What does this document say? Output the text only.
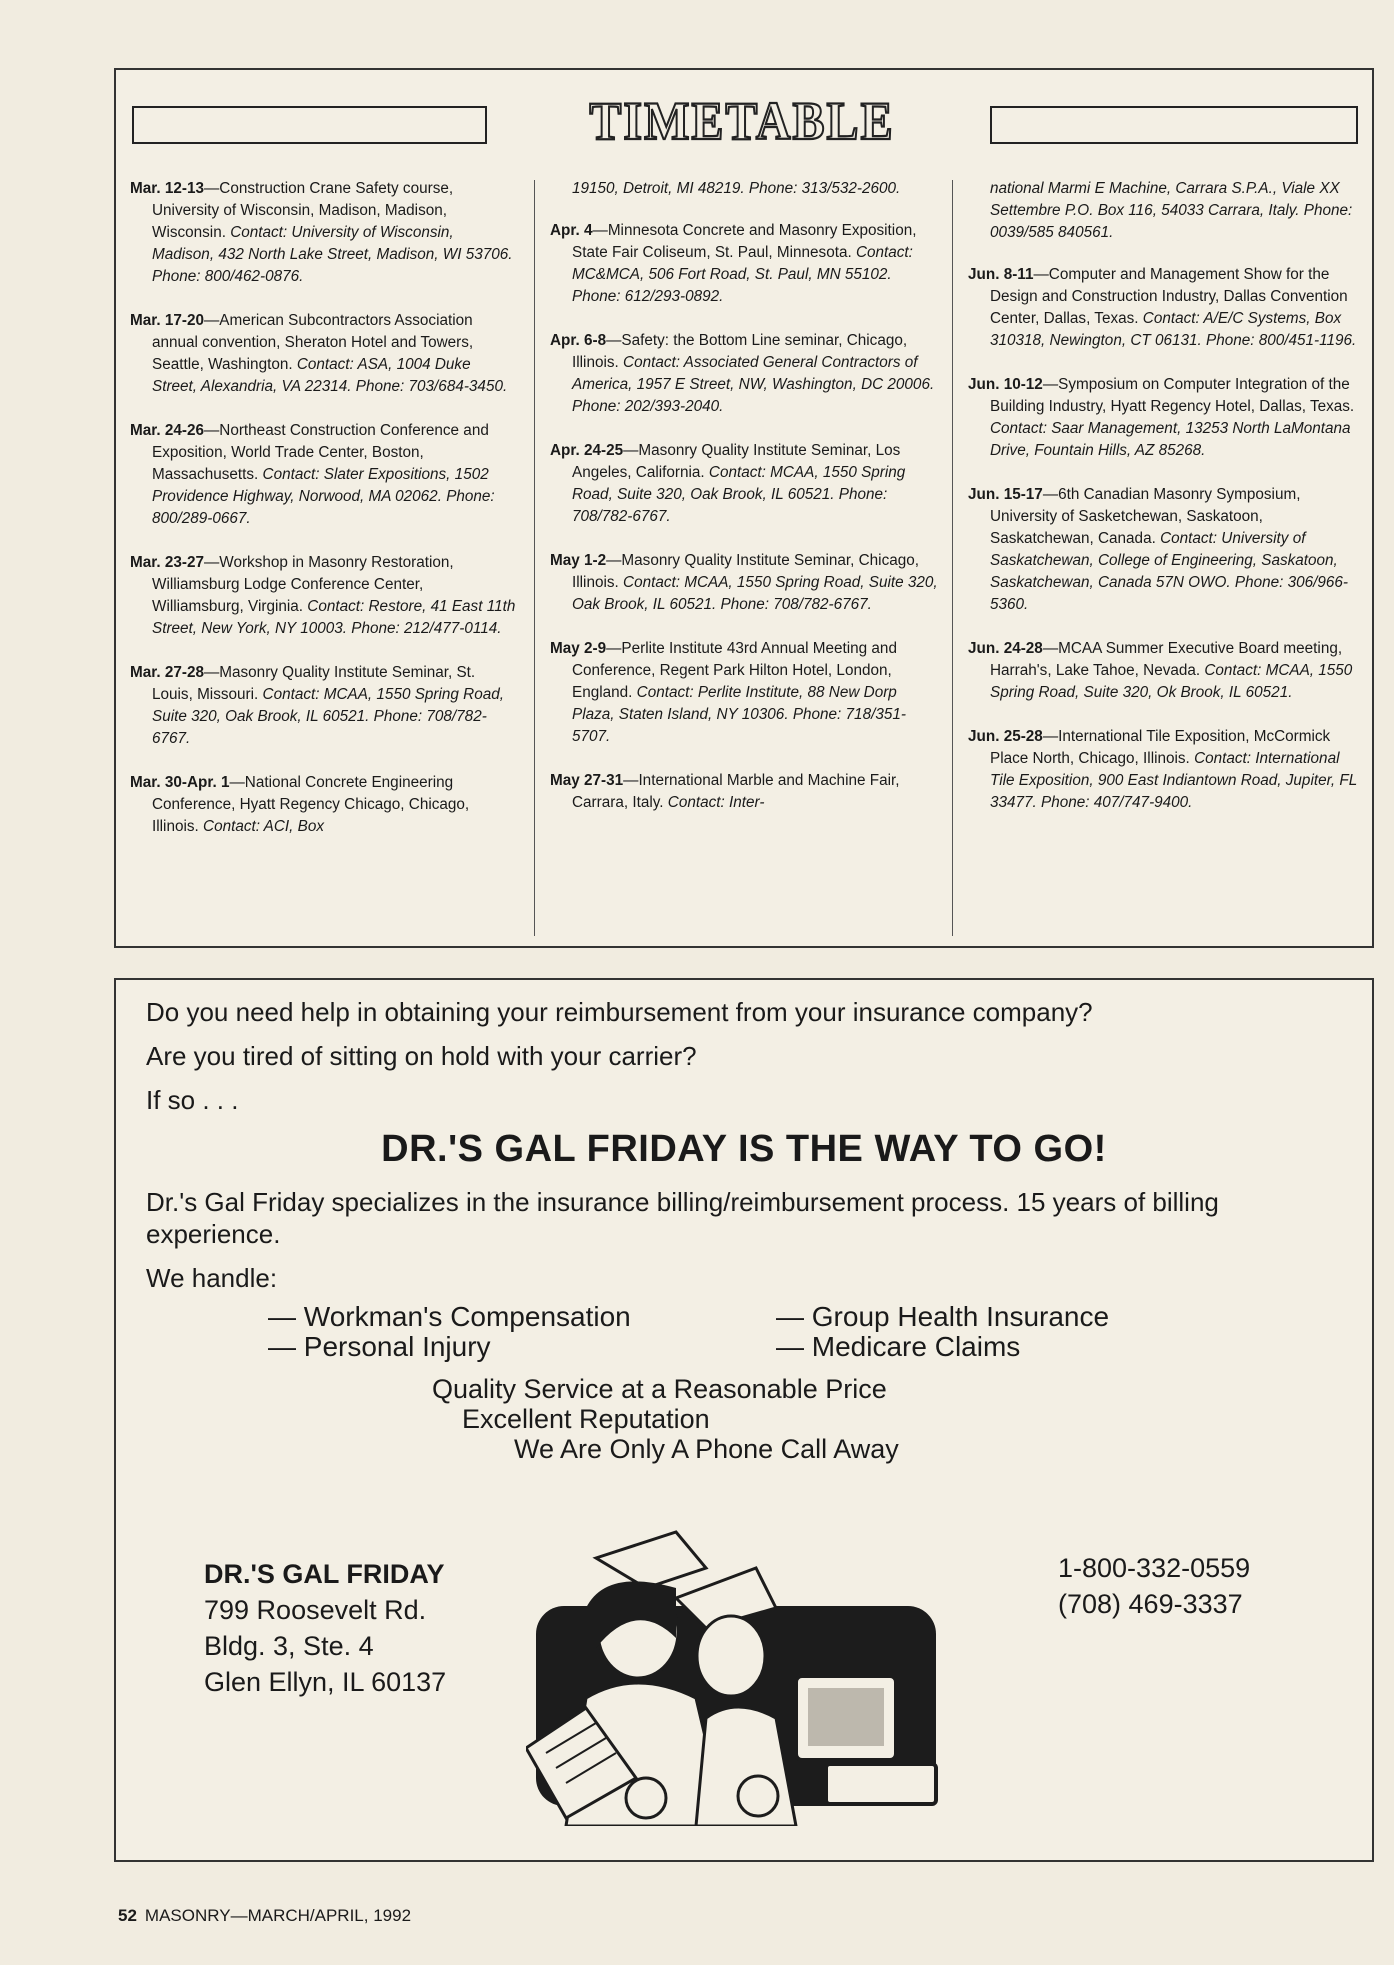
TIMETABLE
Mar. 12-13—Construction Crane Safety course, University of Wisconsin, Madison, Madison, Wisconsin. Contact: University of Wisconsin, Madison, 432 North Lake Street, Madison, WI 53706. Phone: 800/462-0876.
Mar. 17-20—American Subcontractors Association annual convention, Sheraton Hotel and Towers, Seattle, Washington. Contact: ASA, 1004 Duke Street, Alexandria, VA 22314. Phone: 703/684-3450.
Mar. 24-26—Northeast Construction Conference and Exposition, World Trade Center, Boston, Massachusetts. Contact: Slater Expositions, 1502 Providence Highway, Norwood, MA 02062. Phone: 800/289-0667.
Mar. 23-27—Workshop in Masonry Restoration, Williamsburg Lodge Conference Center, Williamsburg, Virginia. Contact: Restore, 41 East 11th Street, New York, NY 10003. Phone: 212/477-0114.
Mar. 27-28—Masonry Quality Institute Seminar, St. Louis, Missouri. Contact: MCAA, 1550 Spring Road, Suite 320, Oak Brook, IL 60521. Phone: 708/782-6767.
Mar. 30-Apr. 1—National Concrete Engineering Conference, Hyatt Regency Chicago, Chicago, Illinois. Contact: ACI, Box
19150, Detroit, MI 48219. Phone: 313/532-2600.
Apr. 4—Minnesota Concrete and Masonry Exposition, State Fair Coliseum, St. Paul, Minnesota. Contact: MC&MCA, 506 Fort Road, St. Paul, MN 55102. Phone: 612/293-0892.
Apr. 6-8—Safety: the Bottom Line seminar, Chicago, Illinois. Contact: Associated General Contractors of America, 1957 E Street, NW, Washington, DC 20006. Phone: 202/393-2040.
Apr. 24-25—Masonry Quality Institute Seminar, Los Angeles, California. Contact: MCAA, 1550 Spring Road, Suite 320, Oak Brook, IL 60521. Phone: 708/782-6767.
May 1-2—Masonry Quality Institute Seminar, Chicago, Illinois. Contact: MCAA, 1550 Spring Road, Suite 320, Oak Brook, IL 60521. Phone: 708/782-6767.
May 2-9—Perlite Institute 43rd Annual Meeting and Conference, Regent Park Hilton Hotel, London, England. Contact: Perlite Institute, 88 New Dorp Plaza, Staten Island, NY 10306. Phone: 718/351-5707.
May 27-31—International Marble and Machine Fair, Carrara, Italy. Contact: Inter-
national Marmi E Machine, Carrara S.P.A., Viale XX Settembre P.O. Box 116, 54033 Carrara, Italy. Phone: 0039/585 840561.
Jun. 8-11—Computer and Management Show for the Design and Construction Industry, Dallas Convention Center, Dallas, Texas. Contact: A/E/C Systems, Box 310318, Newington, CT 06131. Phone: 800/451-1196.
Jun. 10-12—Symposium on Computer Integration of the Building Industry, Hyatt Regency Hotel, Dallas, Texas. Contact: Saar Management, 13253 North LaMontana Drive, Fountain Hills, AZ 85268.
Jun. 15-17—6th Canadian Masonry Symposium, University of Sasketchewan, Saskatoon, Saskatchewan, Canada. Contact: University of Saskatchewan, College of Engineering, Saskatoon, Saskatchewan, Canada 57N OWO. Phone: 306/966-5360.
Jun. 24-28—MCAA Summer Executive Board meeting, Harrah's, Lake Tahoe, Nevada. Contact: MCAA, 1550 Spring Road, Suite 320, Ok Brook, IL 60521.
Jun. 25-28—International Tile Exposition, McCormick Place North, Chicago, Illinois. Contact: International Tile Exposition, 900 East Indiantown Road, Jupiter, FL 33477. Phone: 407/747-9400.
Do you need help in obtaining your reimbursement from your insurance company?
Are you tired of sitting on hold with your carrier?
If so . . .
DR.'S GAL FRIDAY IS THE WAY TO GO!
Dr.'s Gal Friday specializes in the insurance billing/reimbursement process. 15 years of billing experience.
We handle:
— Workman's Compensation
— Personal Injury
— Group Health Insurance
— Medicare Claims
Quality Service at a Reasonable Price
Excellent Reputation
We Are Only A Phone Call Away
DR.'S GAL FRIDAY
799 Roosevelt Rd.
Bldg. 3, Ste. 4
Glen Ellyn, IL 60137
1-800-332-0559
(708) 469-3337
52 MASONRY—MARCH/APRIL, 1992
